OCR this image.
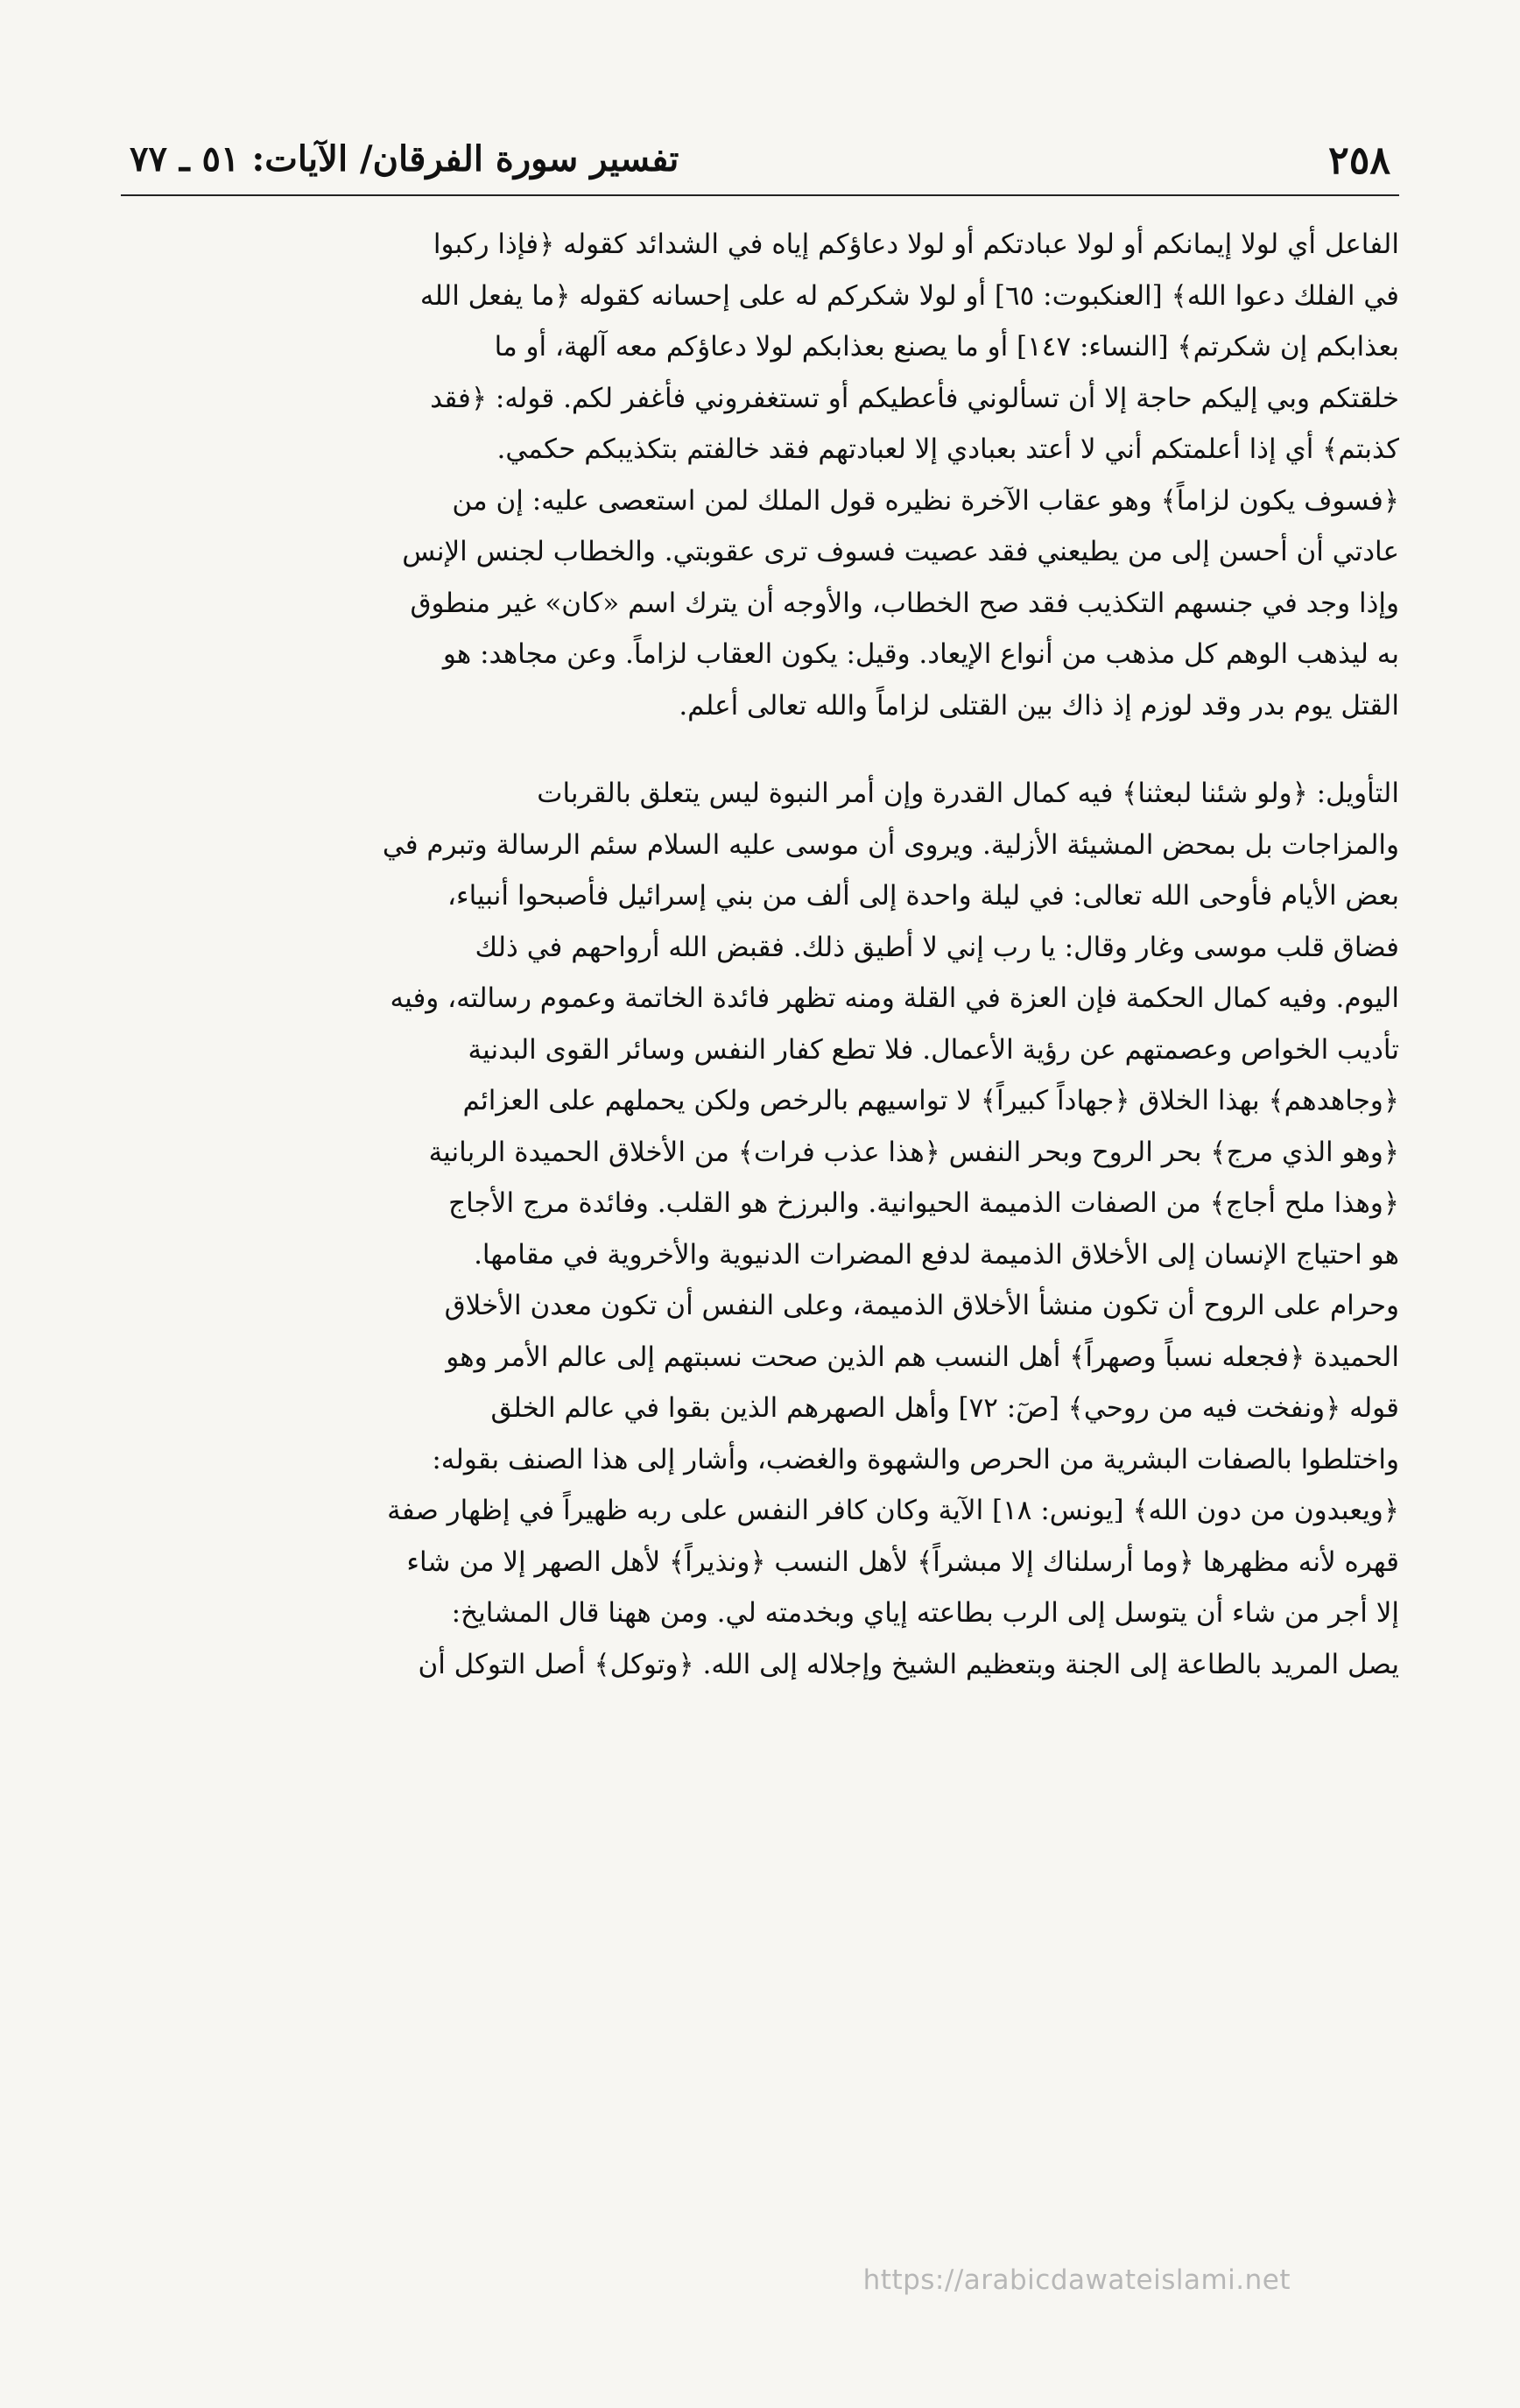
٢٥٨
تفسير سورة الفرقان/ الآيات: ٥١ ـ ٧٧
الفاعل أي لولا إيمانكم أو لولا عبادتكم أو لولا دعاؤكم إياه في الشدائد كقوله ﴿فإذا ركبوا
في الفلك دعوا الله﴾ [العنكبوت: ٦٥] أو لولا شكركم له على إحسانه كقوله ﴿ما يفعل الله
بعذابكم إن شكرتم﴾ [النساء: ١٤٧] أو ما يصنع بعذابكم لولا دعاؤكم معه آلهة، أو ما
خلقتكم وبي إليكم حاجة إلا أن تسألوني فأعطيكم أو تستغفروني فأغفر لكم. قوله: ﴿فقد
كذبتم﴾ أي إذا أعلمتكم أني لا أعتد بعبادي إلا لعبادتهم فقد خالفتم بتكذيبكم حكمي.
﴿فسوف يكون لزاماً﴾ وهو عقاب الآخرة نظيره قول الملك لمن استعصى عليه: إن من
عادتي أن أحسن إلى من يطيعني فقد عصيت فسوف ترى عقوبتي. والخطاب لجنس الإنس
وإذا وجد في جنسهم التكذيب فقد صح الخطاب، والأوجه أن يترك اسم «كان» غير منطوق
به ليذهب الوهم كل مذهب من أنواع الإيعاد. وقيل: يكون العقاب لزاماً. وعن مجاهد: هو
القتل يوم بدر وقد لوزم إذ ذاك بين القتلى لزاماً والله تعالى أعلم.
التأويل: ﴿ولو شئنا لبعثنا﴾ فيه كمال القدرة وإن أمر النبوة ليس يتعلق بالقربات
والمزاجات بل بمحض المشيئة الأزلية. ويروى أن موسى عليه السلام سئم الرسالة وتبرم في
بعض الأيام فأوحى الله تعالى: في ليلة واحدة إلى ألف من بني إسرائيل فأصبحوا أنبياء،
فضاق قلب موسى وغار وقال: يا رب إني لا أطيق ذلك. فقبض الله أرواحهم في ذلك
اليوم. وفيه كمال الحكمة فإن العزة في القلة ومنه تظهر فائدة الخاتمة وعموم رسالته، وفيه
تأديب الخواص وعصمتهم عن رؤية الأعمال. فلا تطع كفار النفس وسائر القوى البدنية
﴿وجاهدهم﴾ بهذا الخلاق ﴿جهاداً كبيراً﴾ لا تواسيهم بالرخص ولكن يحملهم على العزائم
﴿وهو الذي مرج﴾ بحر الروح وبحر النفس ﴿هذا عذب فرات﴾ من الأخلاق الحميدة الربانية
﴿وهذا ملح أجاج﴾ من الصفات الذميمة الحيوانية. والبرزخ هو القلب. وفائدة مرج الأجاج
هو احتياج الإنسان إلى الأخلاق الذميمة لدفع المضرات الدنيوية والأخروية في مقامها.
وحرام على الروح أن تكون منشأ الأخلاق الذميمة، وعلى النفس أن تكون معدن الأخلاق
الحميدة ﴿فجعله نسباً وصهراً﴾ أهل النسب هم الذين صحت نسبتهم إلى عالم الأمر وهو
قوله ﴿ونفخت فيه من روحي﴾ [صٓ: ٧٢] وأهل الصهرهم الذين بقوا في عالم الخلق
واختلطوا بالصفات البشرية من الحرص والشهوة والغضب، وأشار إلى هذا الصنف بقوله:
﴿ويعبدون من دون الله﴾ [يونس: ١٨] الآية وكان كافر النفس على ربه ظهيراً في إظهار صفة
قهره لأنه مظهرها ﴿وما أرسلناك إلا مبشراً﴾ لأهل النسب ﴿ونذيراً﴾ لأهل الصهر إلا من شاء
إلا أجر من شاء أن يتوسل إلى الرب بطاعته إياي وبخدمته لي. ومن ههنا قال المشايخ:
يصل المريد بالطاعة إلى الجنة وبتعظيم الشيخ وإجلاله إلى الله. ﴿وتوكل﴾ أصل التوكل أن
https://arabicdawateislami.net
